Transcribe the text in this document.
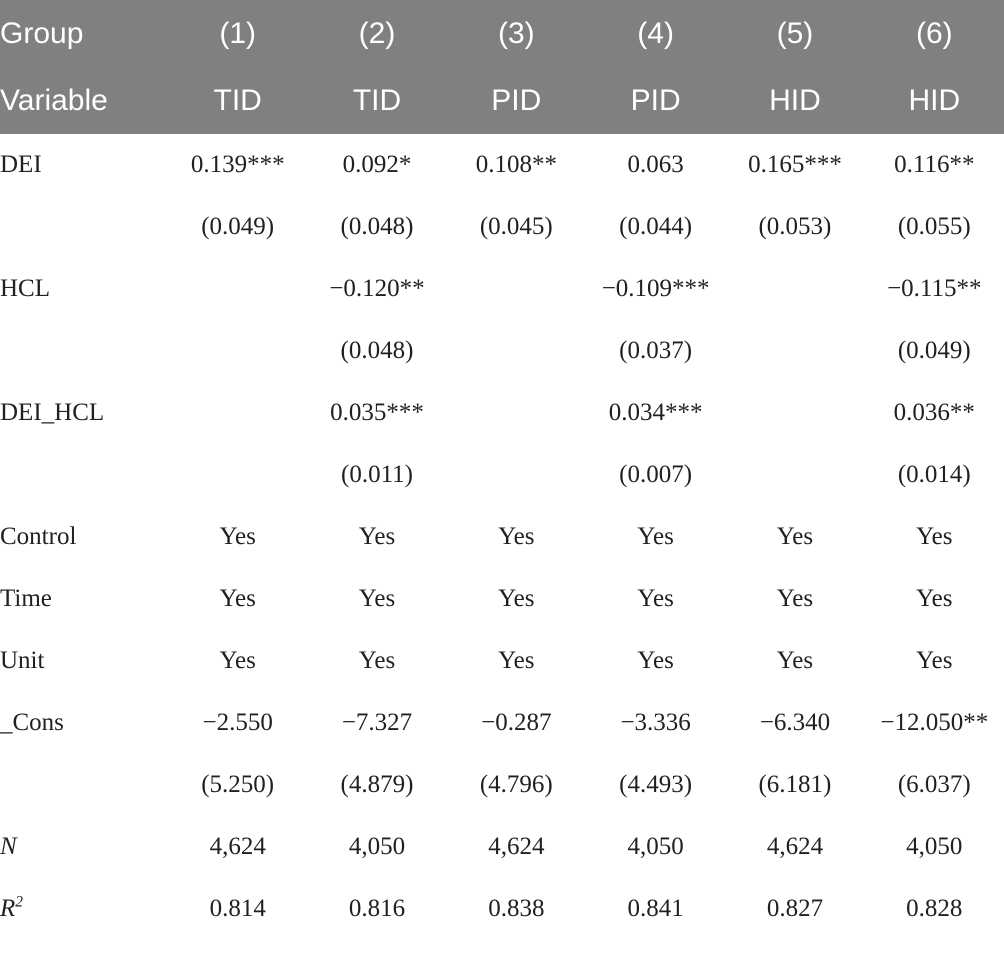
Group	(1)	(2)	(3)	(4)	(5)	(6)
Variable	TID	TID	PID	PID	HID	HID
DEI	0.139***	0.092*	0.108**	0.063	0.165***	0.116**
	(0.049)	(0.048)	(0.045)	(0.044)	(0.053)	(0.055)
HCL		−0.120**		−0.109***		−0.115**
		(0.048)		(0.037)		(0.049)
DEI_HCL		0.035***		0.034***		0.036**
		(0.011)		(0.007)		(0.014)
Control	Yes	Yes	Yes	Yes	Yes	Yes
Time	Yes	Yes	Yes	Yes	Yes	Yes
Unit	Yes	Yes	Yes	Yes	Yes	Yes
_Cons	−2.550	−7.327	−0.287	−3.336	−6.340	−12.050**
	(5.250)	(4.879)	(4.796)	(4.493)	(6.181)	(6.037)
N	4,624	4,050	4,624	4,050	4,624	4,050
$R^2$	0.814	0.816	0.838	0.841	0.827	0.828
